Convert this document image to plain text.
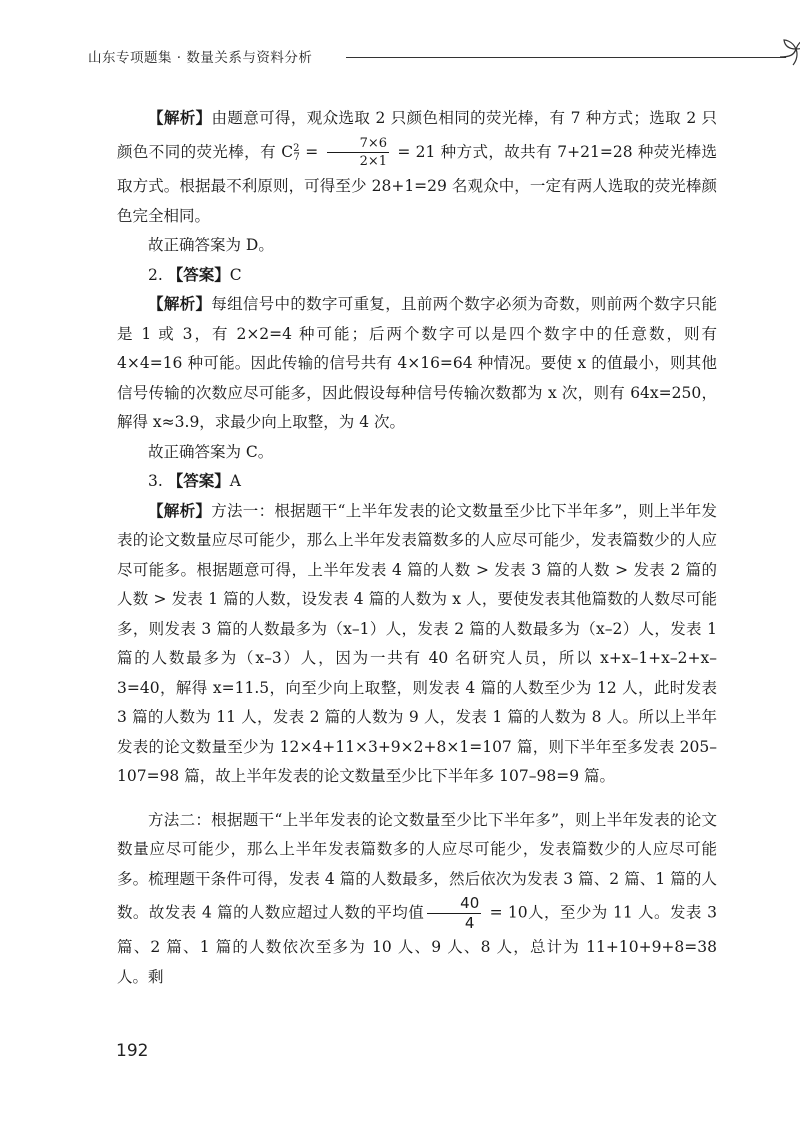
山东专项题集 · 数量关系与资料分析

【解析】由题意可得，观众选取 2 只颜色相同的荧光棒，有 7 种方式；选取 2 只颜色不同的荧光棒，有 $C^2_7 = \frac{7\times 6}{2\times 1} = 21$ 种方式，故共有 7+21=28 种荧光棒选取方式。根据最不利原则，可得至少 28+1=29 名观众中，一定有两人选取的荧光棒颜色完全相同。

故正确答案为 D。

2. 【答案】C

【解析】每组信号中的数字可重复，且前两个数字必须为奇数，则前两个数字只能是 1 或 3，有 2×2=4 种可能；后两个数字可以是四个数字中的任意数，则有 4×4=16 种可能。因此传输的信号共有 4×16=64 种情况。要使 x 的值最小，则其他信号传输的次数应尽可能多，因此假设每种信号传输次数都为 x 次，则有 64x=250，解得 x≈3.9，求最少向上取整，为 4 次。

故正确答案为 C。

3. 【答案】A

【解析】方法一：根据题干“上半年发表的论文数量至少比下半年多”，则上半年发表的论文数量应尽可能少，那么上半年发表篇数多的人应尽可能少，发表篇数少的人应尽可能多。根据题意可得，上半年发表 4 篇的人数 > 发表 3 篇的人数 > 发表 2 篇的人数 > 发表 1 篇的人数，设发表 4 篇的人数为 x 人，要使发表其他篇数的人数尽可能多，则发表 3 篇的人数最多为（x–1）人，发表 2 篇的人数最多为（x–2）人，发表 1 篇的人数最多为（x–3）人，因为一共有 40 名研究人员，所以 x+x–1+x–2+x–3=40，解得 x=11.5，向至少向上取整，则发表 4 篇的人数至少为 12 人，此时发表 3 篇的人数为 11 人，发表 2 篇的人数为 9 人，发表 1 篇的人数为 8 人。所以上半年发表的论文数量至少为 12×4+11×3+9×2+8×1=107 篇，则下半年至多发表 205–107=98 篇，故上半年发表的论文数量至少比下半年多 107–98=9 篇。

方法二：根据题干“上半年发表的论文数量至少比下半年多”，则上半年发表的论文数量应尽可能少，那么上半年发表篇数多的人应尽可能少，发表篇数少的人应尽可能多。梳理题干条件可得，发表 4 篇的人数最多，然后依次为发表 3 篇、2 篇、1 篇的人数。故发表 4 篇的人数应超过人数的平均值 $\frac{40}{4} = 10$人，至少为 11 人。发表 3 篇、2 篇、1 篇的人数依次至多为 10 人、9 人、8 人，总计为 11+10+9+8=38 人。剩

192
